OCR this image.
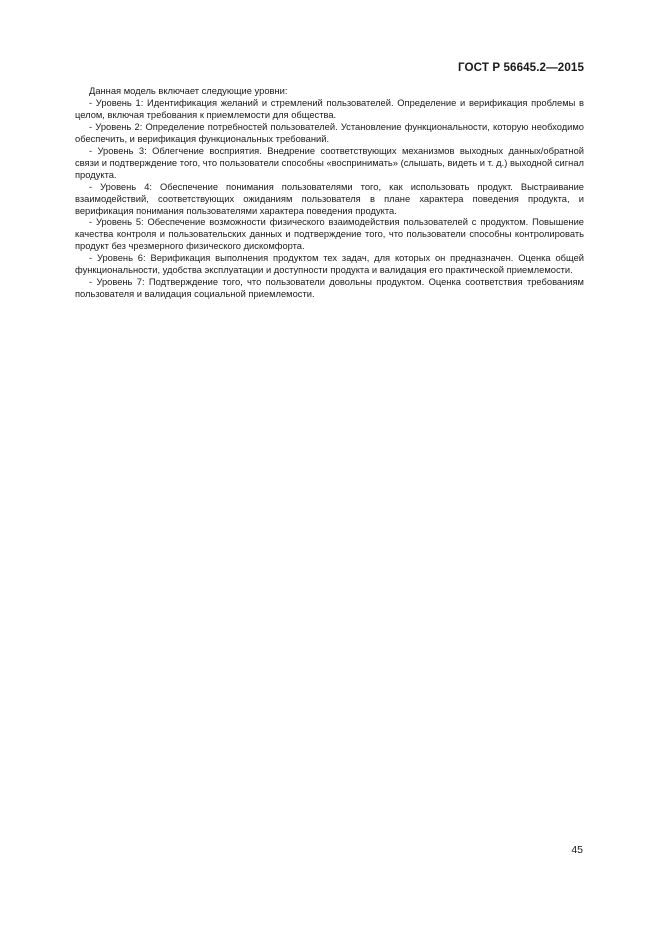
ГОСТ Р 56645.2—2015

Данная модель включает следующие уровни:

- Уровень 1: Идентификация желаний и стремлений пользователей. Определение и верификация проблемы в целом, включая требования к приемлемости для общества.

- Уровень 2: Определение потребностей пользователей. Установление функциональности, которую необходимо обеспечить, и верификация функциональных требований.

- Уровень 3: Облегчение восприятия. Внедрение соответствующих механизмов выходных данных/обратной связи и подтверждение того, что пользователи способны «воспринимать» (слышать, видеть и т. д.) выходной сигнал продукта.

- Уровень 4: Обеспечение понимания пользователями того, как использовать продукт. Выстраивание взаимодействий, соответствующих ожиданиям пользователя в плане характера поведения продукта, и верификация понимания пользователями характера поведения продукта.

- Уровень 5: Обеспечение возможности физического взаимодействия пользователей с продуктом. Повышение качества контроля и пользовательских данных и подтверждение того, что пользователи способны контролировать продукт без чрезмерного физического дискомфорта.

- Уровень 6: Верификация выполнения продуктом тех задач, для которых он предназначен. Оценка общей функциональности, удобства эксплуатации и доступности продукта и валидация его практической приемлемости.

- Уровень 7: Подтверждение того, что пользователи довольны продуктом. Оценка соответствия требованиям пользователя и валидация социальной приемлемости.

45
